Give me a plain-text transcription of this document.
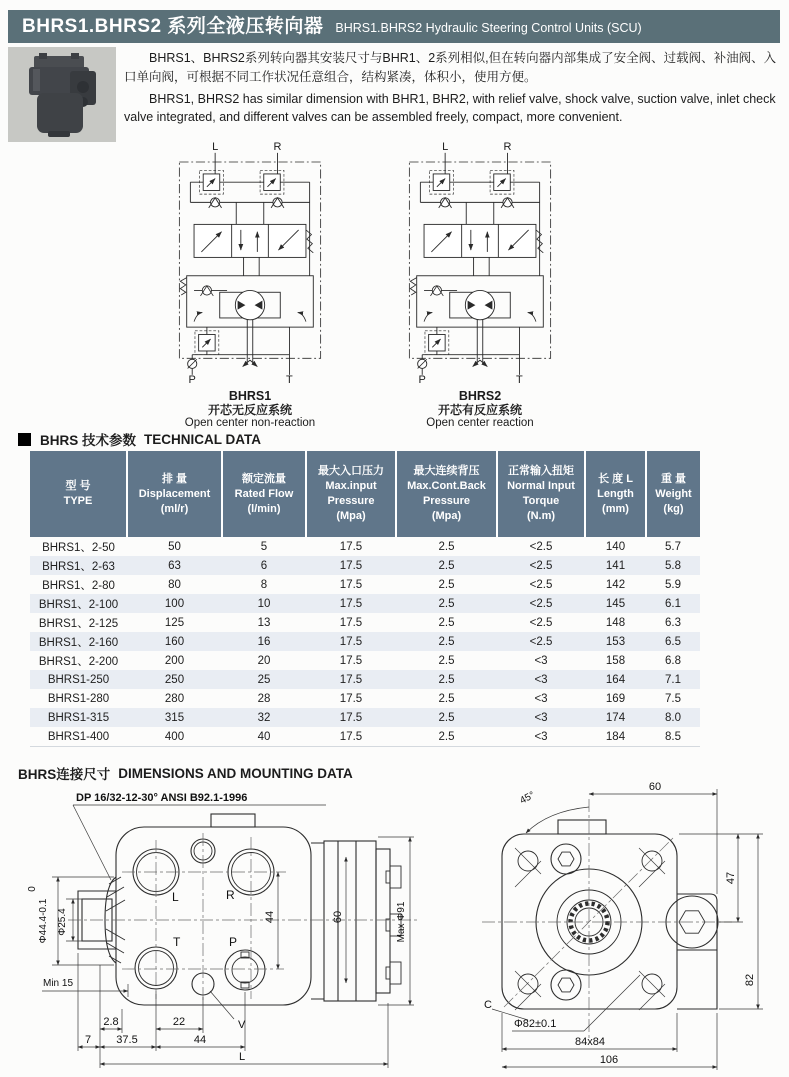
BHRS1.BHRS2 系列全液压转向器 BHRS1.BHRS2 Hydraulic Steering Control Units (SCU)

BHRS1、BHRS2系列转向器其安装尺寸与BHR1、2系列相似,但在转向器内部集成了安全阀、过载阀、补油阀、入口单向阀，可根据不同工作状况任意组合，结构紧凑，体积小，使用方便。

BHRS1, BHRS2 has similar dimension with BHR1, BHR2, with relief valve, shock valve, suction valve, inlet check valve integrated, and different valves can be assembled freely, compact, more convenient.

L	R
P	T
BHRS1
开芯无反应系统
Open center non-reaction
L	R
P	T
BHRS2
开芯有反应系统
Open center reaction
BHRS 技术参数 TECHNICAL DATA
型 号
TYPE

排 量
Displacement
(ml/r)

额定流量
Rated Flow
(l/min)

最大入口压力
Max.input
Pressure
(Mpa)

最大连续背压
Max.Cont.Back
Pressure
(Mpa)

正常输入扭矩
Normal Input
Torque
(N.m)

长 度 L
Length
(mm)

重 量
Weight
(kg)

BHRS1、2-50	50	5	17.5	2.5	<2.5	140	5.7
BHRS1、2-63	63	6	17.5	2.5	<2.5	141	5.8
BHRS1、2-80	80	8	17.5	2.5	<2.5	142	5.9
BHRS1、2-100	100	10	17.5	2.5	<2.5	145	6.1
BHRS1、2-125	125	13	17.5	2.5	<2.5	148	6.3
BHRS1、2-160	160	16	17.5	2.5	<2.5	153	6.5
BHRS1、2-200	200	20	17.5	2.5	<3	158	6.8
BHRS1-250	250	25	17.5	2.5	<3	164	7.1
BHRS1-280	280	28	17.5	2.5	<3	169	7.5
BHRS1-315	315	32	17.5	2.5	<3	174	8.0
BHRS1-400	400	40	17.5	2.5	<3	184	8.5
BHRS连接尺寸 DIMENSIONS AND MOUNTING DATA
DP 16/32-12-30° ANSI B92.1-1996
0
Φ44.4-0.1 Φ25.4
Min 15
L	R
T	P
2.8	22	V
7 37.5	44
L
44	60	Max Φ91
45°
60
47
82
C
Φ82±0.1
84x84
106
